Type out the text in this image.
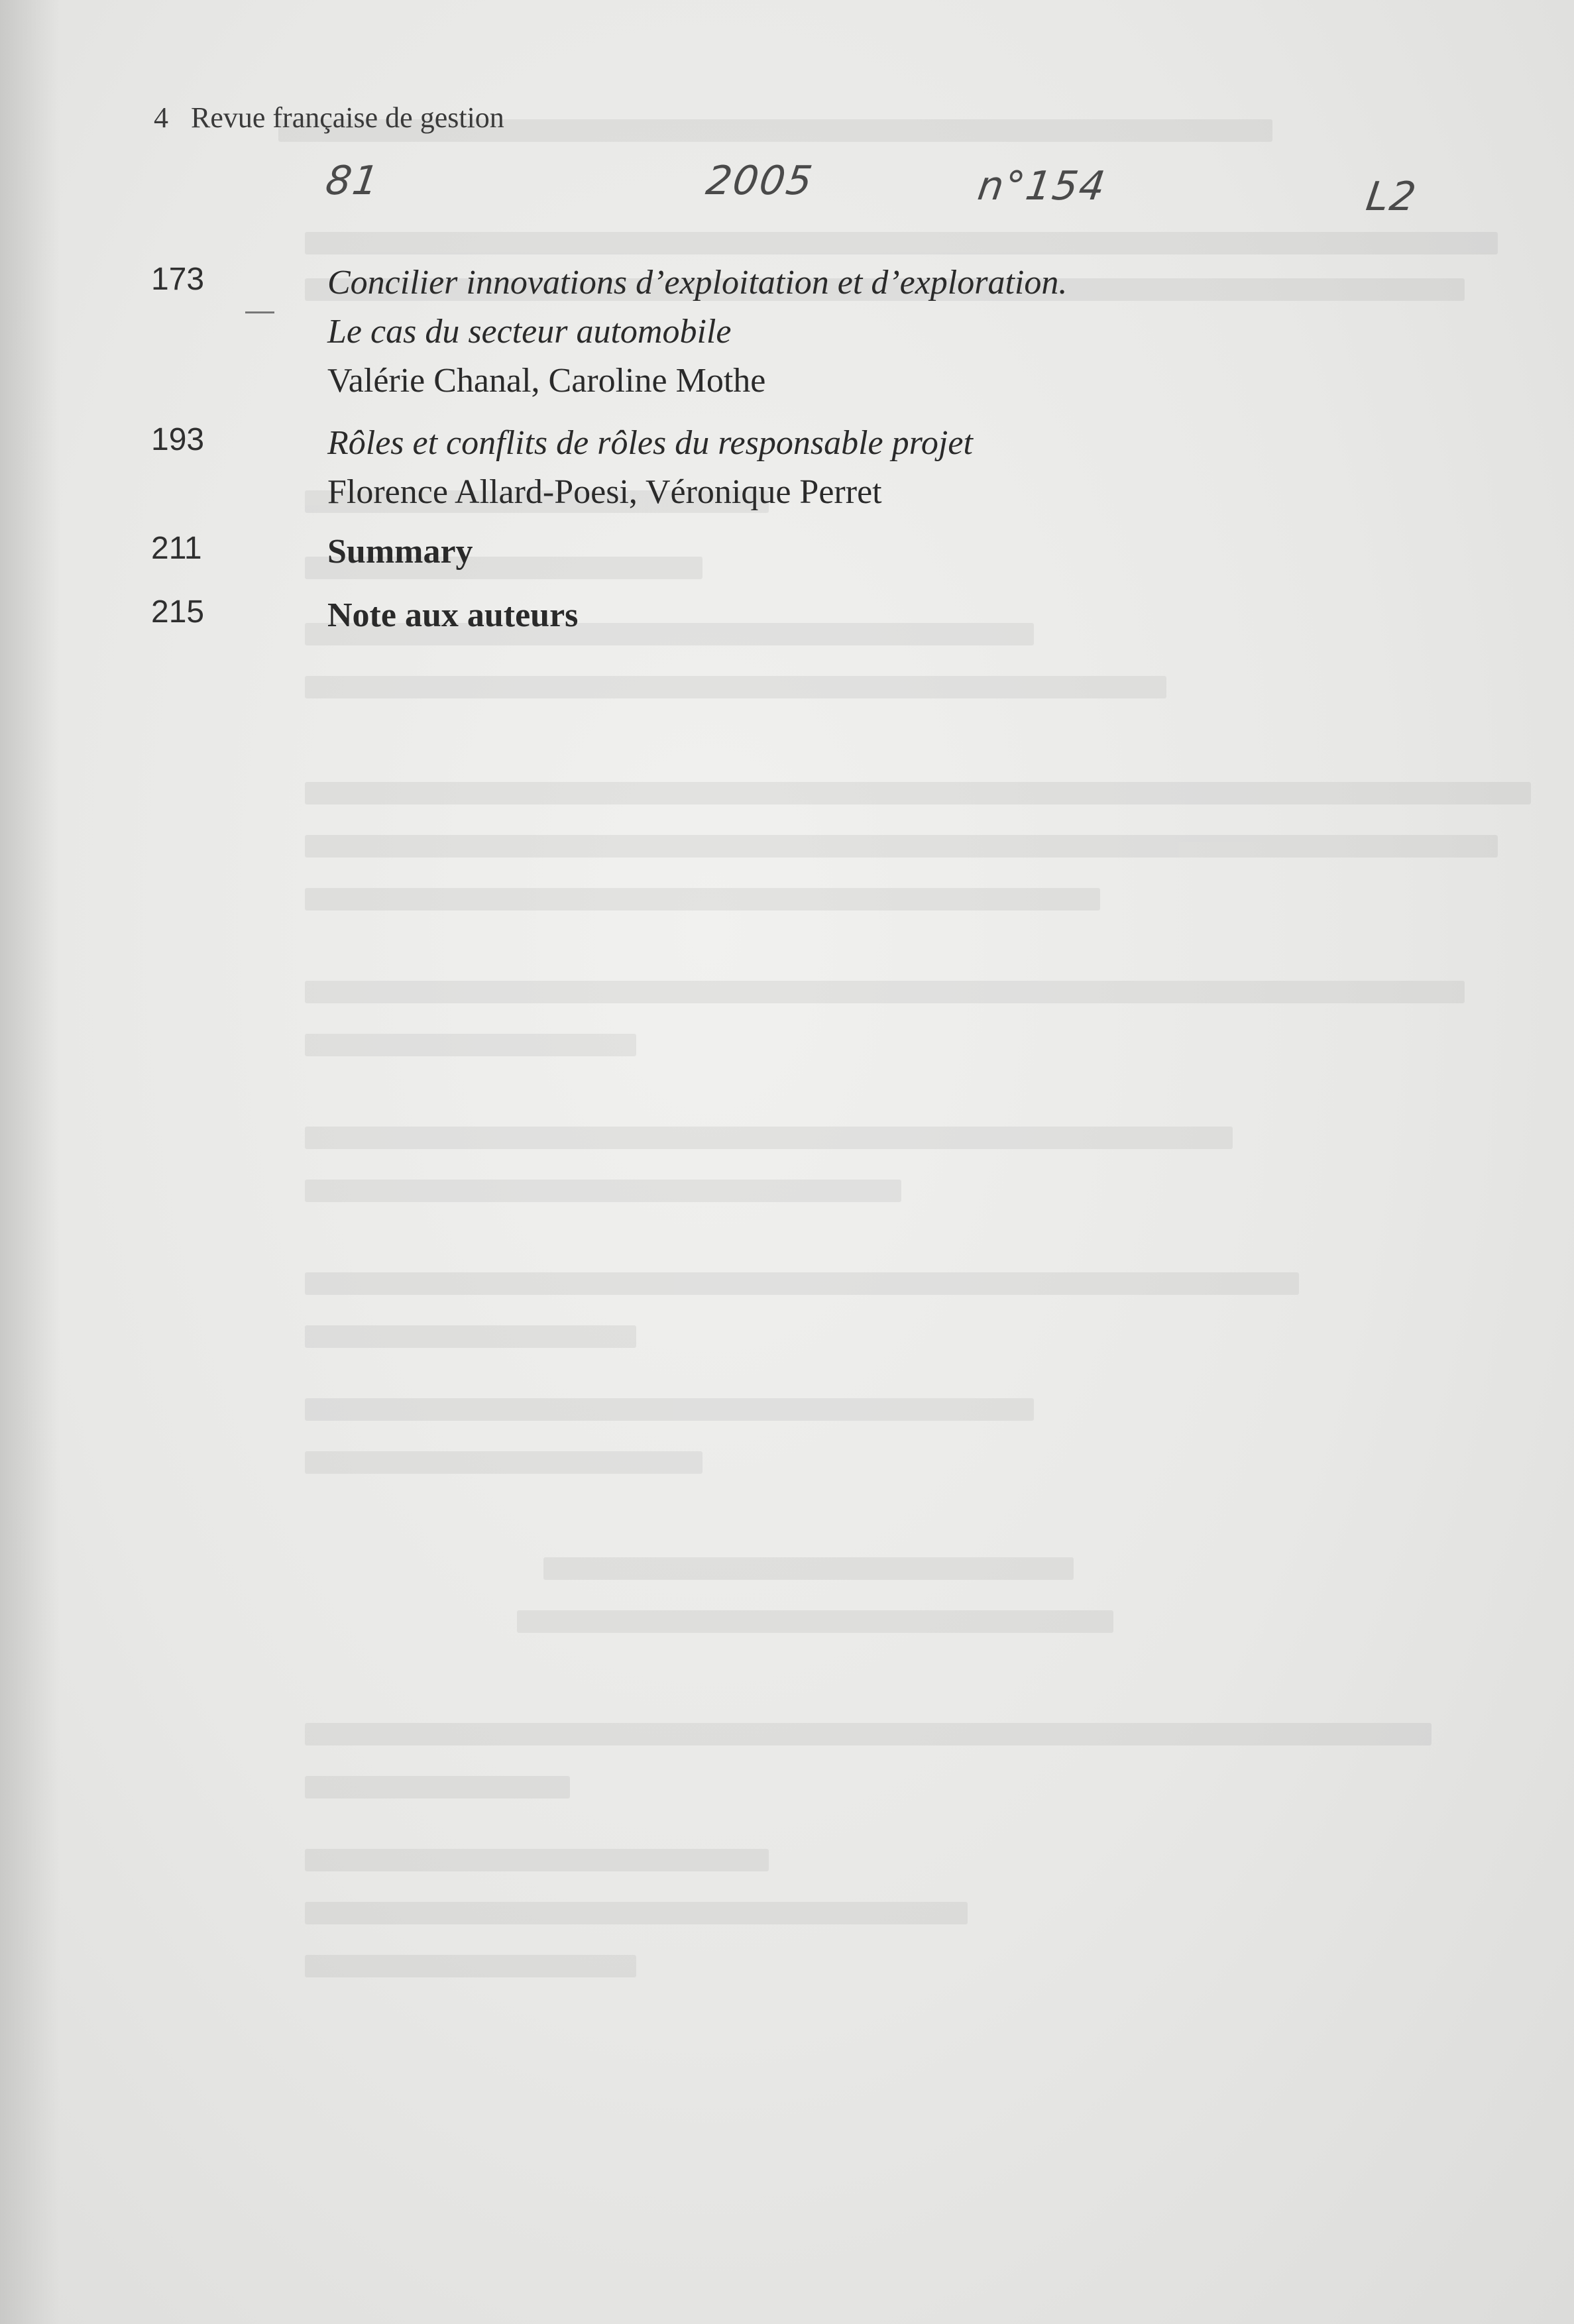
4 Revue française de gestion
81	2005	n°154	L2
173	Concilier innovations d’exploitation et d’exploration.
Le cas du secteur automobile
Valérie Chanal, Caroline Mothe
193	Rôles et conflits de rôles du responsable projet
Florence Allard-Poesi, Véronique Perret
211	Summary
215	Note aux auteurs
